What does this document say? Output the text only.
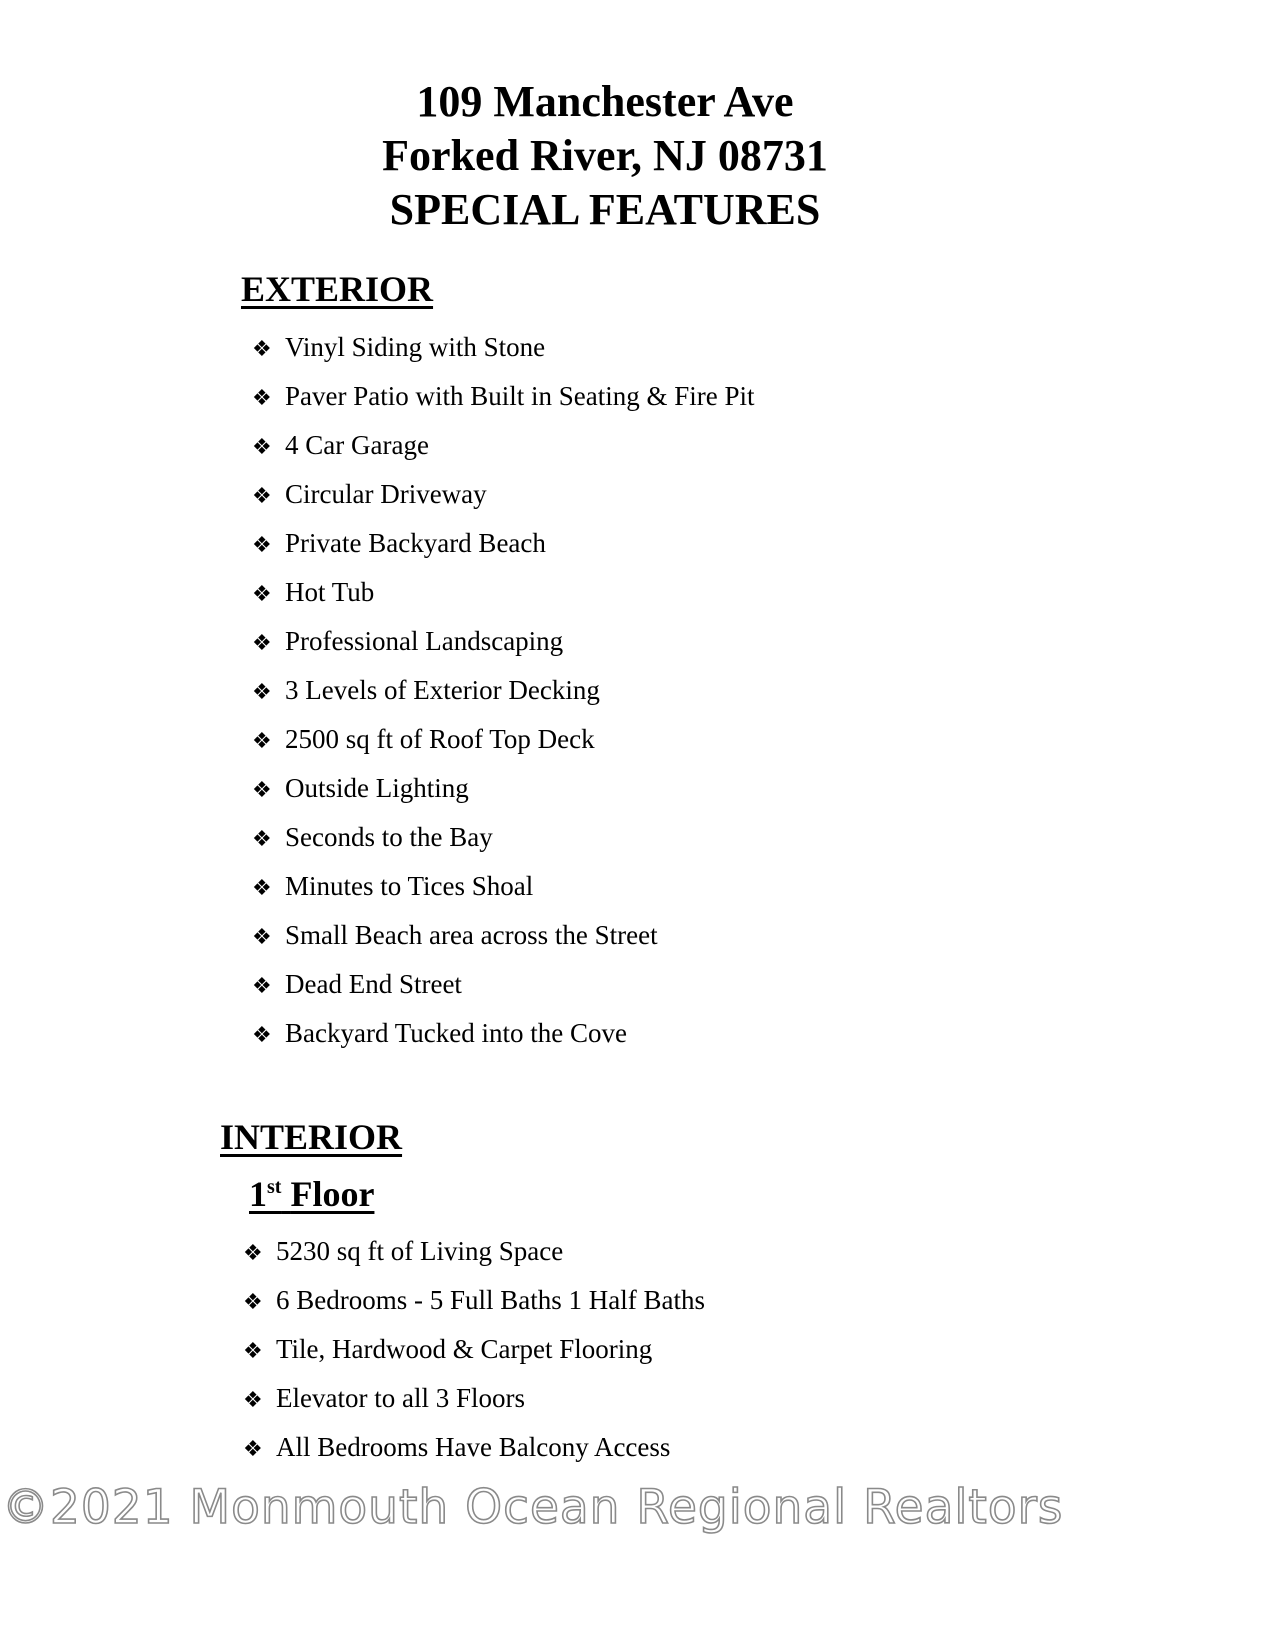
109 Manchester Ave
Forked River, NJ 08731
SPECIAL FEATURES
EXTERIOR
❖ Vinyl Siding with Stone
❖ Paver Patio with Built in Seating & Fire Pit
❖ 4 Car Garage
❖ Circular Driveway
❖ Private Backyard Beach
❖ Hot Tub
❖ Professional Landscaping
❖ 3 Levels of Exterior Decking
❖ 2500 sq ft of Roof Top Deck
❖ Outside Lighting
❖ Seconds to the Bay
❖ Minutes to Tices Shoal
❖ Small Beach area across the Street
❖ Dead End Street
❖ Backyard Tucked into the Cove
INTERIOR
1st Floor
❖ 5230 sq ft of Living Space
❖ 6 Bedrooms - 5 Full Baths 1 Half Baths
❖ Tile, Hardwood & Carpet Flooring
❖ Elevator to all 3 Floors
❖ All Bedrooms Have Balcony Access
©2021 Monmouth Ocean Regional Realtors
